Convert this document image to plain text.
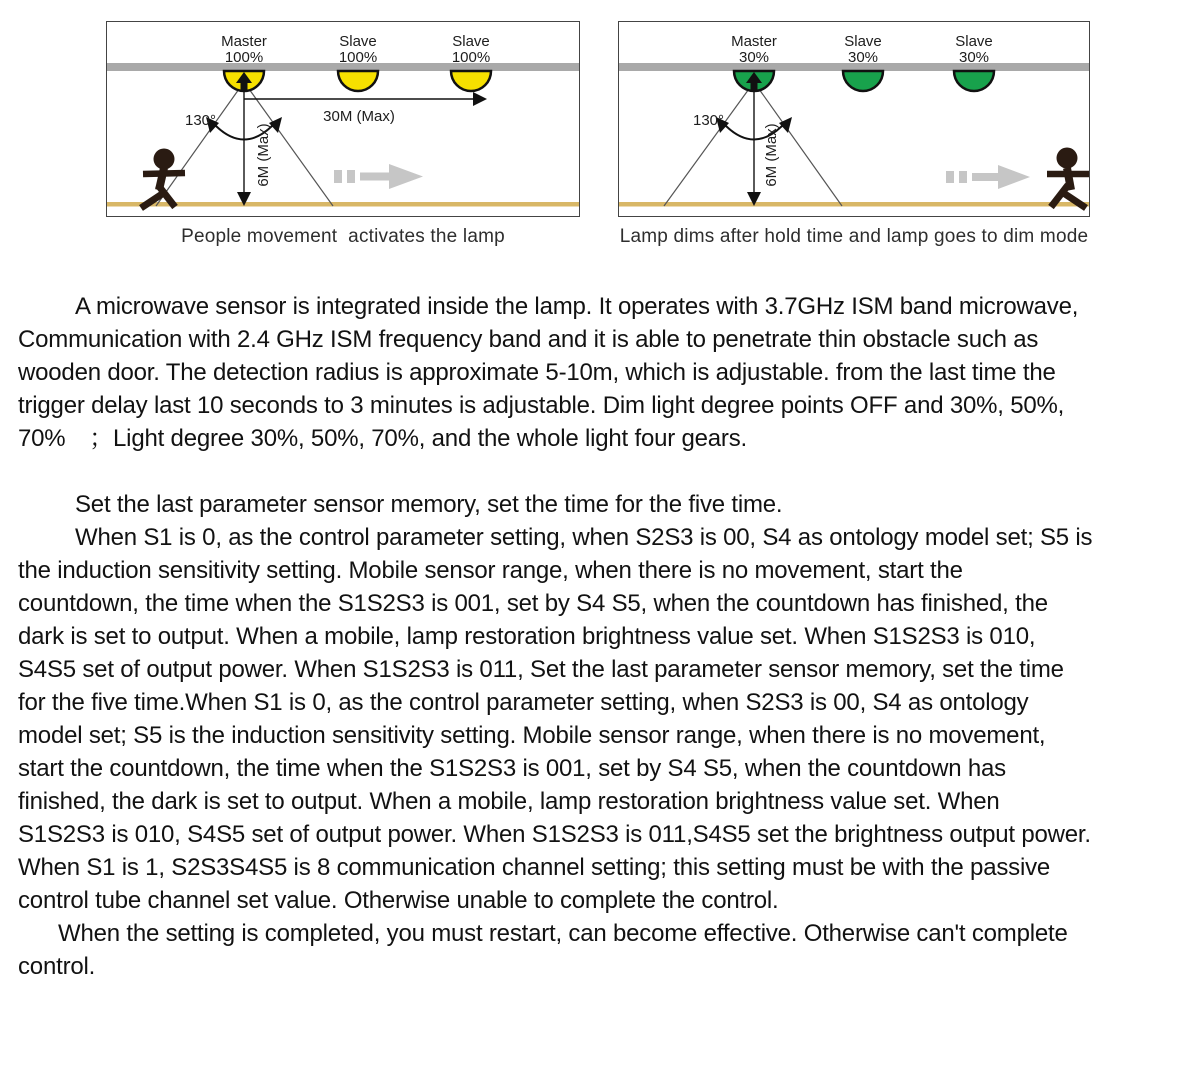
Master
100%
Slave
100%
Slave
100%
130°	30M (Max)
6M (Max)
People movement  activates the lamp
Master
30%
Slave
30%
Slave
30%
130°
6M (Max)
Lamp dims after hold time and lamp goes to dim mode
A microwave sensor is integrated inside the lamp. It operates with 3.7GHz ISM band microwave,
Communication with 2.4 GHz ISM frequency band and it is able to penetrate thin obstacle such as
wooden door. The detection radius is approximate 5-10m, which is adjustable. from the last time the
trigger delay last 10 seconds to 3 minutes is adjustable. Dim light degree points OFF and 30%, 50%,
70%　；Light degree 30%, 50%, 70%, and the whole light four gears.
Set the last parameter sensor memory, set the time for the five time.
When S1 is 0, as the control parameter setting, when S2S3 is 00, S4 as ontology model set; S5 is
the induction sensitivity setting. Mobile sensor range, when there is no movement, start the
countdown, the time when the S1S2S3 is 001, set by S4 S5, when the countdown has finished, the
dark is set to output. When a mobile, lamp restoration brightness value set. When S1S2S3 is 010,
S4S5 set of output power. When S1S2S3 is 011, Set the last parameter sensor memory, set the time
for the five time.When S1 is 0, as the control parameter setting, when S2S3 is 00, S4 as ontology
model set; S5 is the induction sensitivity setting. Mobile sensor range, when there is no movement,
start the countdown, the time when the S1S2S3 is 001, set by S4 S5, when the countdown has
finished, the dark is set to output. When a mobile, lamp restoration brightness value set. When
S1S2S3 is 010, S4S5 set of output power. When S1S2S3 is 011,S4S5 set the brightness output power.
When S1 is 1, S2S3S4S5 is 8 communication channel setting; this setting must be with the passive
control tube channel set value. Otherwise unable to complete the control.
When the setting is completed, you must restart, can become effective. Otherwise can't complete
control.
